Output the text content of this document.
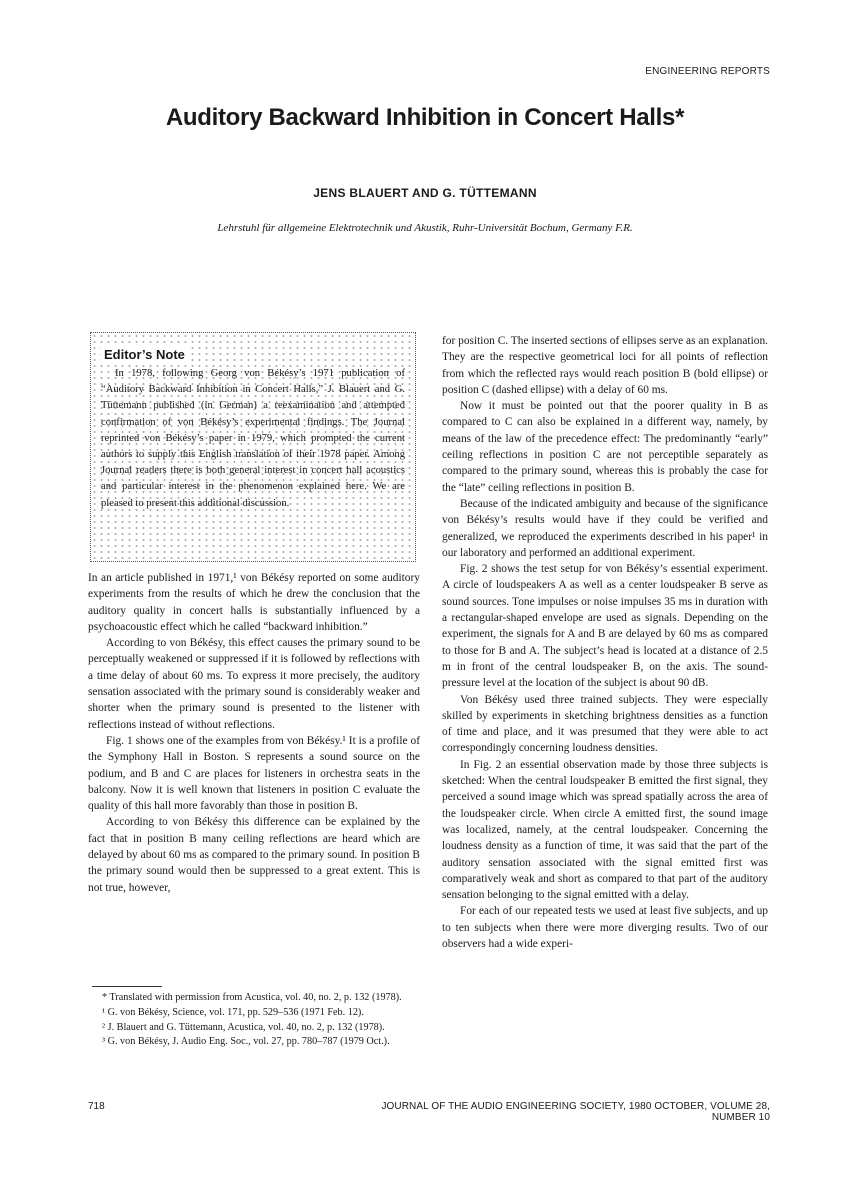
ENGINEERING REPORTS
Auditory Backward Inhibition in Concert Halls*
JENS BLAUERT AND G. TÜTTEMANN
Lehrstuhl für allgemeine Elektrotechnik und Akustik, Ruhr-Universität Bochum, Germany F.R.
Editor’s Note
In 1978, following Georg von Békésy’s 1971 publication of “Auditory Backward Inhibition in Concert Halls,” J. Blauert and G. Tüttemann published (in German) a reexamination and attempted confirmation of von Békésy’s experimental findings. The Journal reprinted von Békésy’s paper in 1979, which prompted the current authors to supply this English translation of their 1978 paper. Among Journal readers there is both general interest in concert hall acoustics and particular interest in the phenomenon explained here. We are pleased to present this additional discussion.

In an article published in 1971,¹ von Békésy reported on some auditory experiments from the results of which he drew the conclusion that the auditory quality in concert halls is substantially influenced by a psychoacoustic effect which he called “backward inhibition.”

According to von Békésy, this effect causes the primary sound to be perceptually weakened or suppressed if it is followed by reflections with a time delay of about 60 ms. To express it more precisely, the auditory sensation associated with the primary sound is considerably weaker and shorter when the primary sound is presented to the listener with reflections instead of without reflections.

Fig. 1 shows one of the examples from von Békésy.¹ It is a profile of the Symphony Hall in Boston. S represents a sound source on the podium, and B and C are places for listeners in orchestra seats in the balcony. Now it is well known that listeners in position C evaluate the quality of this hall more favorably than those in position B.

According to von Békésy this difference can be explained by the fact that in position B many ceiling reflections are heard which are delayed by about 60 ms as compared to the primary sound. In position B the primary sound would then be suppressed to a great extent. This is not true, however,

* Translated with permission from Acustica, vol. 40, no. 2, p. 132 (1978).

¹ G. von Békésy, Science, vol. 171, pp. 529–536 (1971 Feb. 12).

² J. Blauert and G. Tüttemann, Acustica, vol. 40, no. 2, p. 132 (1978).

³ G. von Békésy, J. Audio Eng. Soc., vol. 27, pp. 780–787 (1979 Oct.).

for position C. The inserted sections of ellipses serve as an explanation. They are the respective geometrical loci for all points of reflection from which the reflected rays would reach position B (bold ellipse) or position C (dashed ellipse) with a delay of 60 ms.

Now it must be pointed out that the poorer quality in B as compared to C can also be explained in a different way, namely, by means of the law of the precedence effect: The predominantly “early” ceiling reflections in position C are not perceptible separately as compared to the primary sound, whereas this is probably the case for the “late” ceiling reflections in position B.

Because of the indicated ambiguity and because of the significance von Békésy’s results would have if they could be verified and generalized, we reproduced the experiments described in his paper¹ in our laboratory and performed an additional experiment.

Fig. 2 shows the test setup for von Békésy’s essential experiment. A circle of loudspeakers A as well as a center loudspeaker B serve as sound sources. Tone impulses or noise impulses 35 ms in duration with a rectangular-shaped envelope are used as signals. Depending on the experiment, the signals for A and B are delayed by 60 ms as compared to those for B and A. The subject’s head is located at a distance of 2.5 m in front of the central loudspeaker B, on the axis. The sound-pressure level at the location of the subject is about 90 dB.

Von Békésy used three trained subjects. They were especially skilled by experiments in sketching brightness densities as a function of time and place, and it was presumed that they were able to act correspondingly concerning loudness densities.

In Fig. 2 an essential observation made by those three subjects is sketched: When the central loudspeaker B emitted the first signal, they perceived a sound image which was spread spatially across the area of the loudspeaker circle. When circle A emitted first, the sound image was localized, namely, at the central loudspeaker. Concerning the loudness density as a function of time, it was said that the part of the auditory sensation associated with the signal emitted first was comparatively weak and short as compared to that part of the auditory sensation belonging to the signal emitted with a delay.

For each of our repeated tests we used at least five subjects, and up to ten subjects when there were more diverging results. Two of our observers had a wide experi-

718	JOURNAL OF THE AUDIO ENGINEERING SOCIETY, 1980 OCTOBER, VOLUME 28, NUMBER 10
